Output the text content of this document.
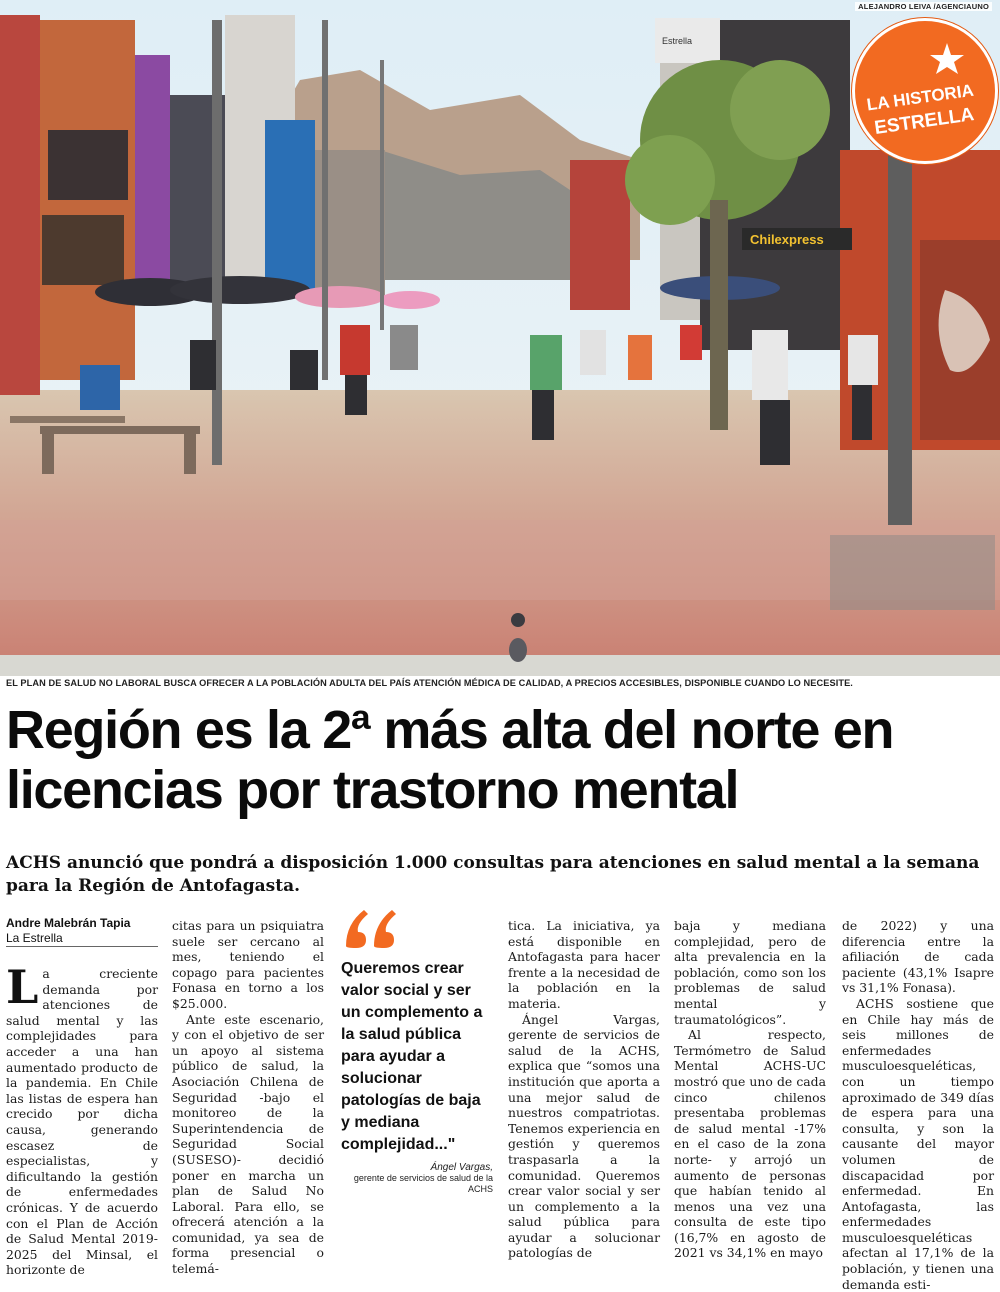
Chilexpress
Estrella
ALEJANDRO LEIVA /AGENCIAUNO
LA HISTORIA
ESTRELLA
EL PLAN DE SALUD NO LABORAL BUSCA OFRECER A LA POBLACIÓN ADULTA DEL PAÍS ATENCIÓN MÉDICA DE CALIDAD, A PRECIOS ACCESIBLES, DISPONIBLE CUANDO LO NECESITE.
Región es la 2ª más alta del norte en licencias por trastorno mental

ACHS anunció que pondrá a disposición 1.000 consultas para atenciones en salud mental a la semana para la Región de Antofagasta.

Andre Malebrán Tapia
La Estrella

La creciente demanda por atenciones de salud mental y las complejidades para acceder a una han aumentado producto de la pandemia. En Chile las listas de espera han crecido por dicha causa, generando escasez de especialistas, y dificultando la gestión de enfermedades crónicas. Y de acuerdo con el Plan de Acción de Salud Mental 2019-2025 del Minsal, el horizonte de

citas para un psiquiatra suele ser cercano al mes, teniendo el copago para pacientes Fonasa en torno a los $25.000.

Ante este escenario, y con el objetivo de ser un apoyo al sistema público de salud, la Asociación Chilena de Seguridad -bajo el monitoreo de la Superintendencia de Seguridad Social (SUSESO)- decidió poner en marcha un plan de Salud No Laboral. Para ello, se ofrecerá atención a la comunidad, ya sea de forma presencial o telemá-

Queremos crear valor social y ser un complemento a la salud pública para ayudar a solucionar patologías de baja y mediana complejidad..."
Ángel Vargas,
gerente de servicios de salud de la ACHS

tica. La iniciativa, ya está disponible en Antofagasta para hacer frente a la necesidad de la población en la materia.

Ángel Vargas, gerente de servicios de salud de la ACHS, explica que “somos una institución que aporta a una mejor salud de nuestros compatriotas. Tenemos experiencia en gestión y queremos traspasarla a la comunidad. Queremos crear valor social y ser un complemento a la salud pública para ayudar a solucionar patologías de

baja y mediana complejidad, pero de alta prevalencia en la población, como son los problemas de salud mental y traumatológicos”.

Al respecto, Termómetro de Salud Mental ACHS-UC mostró que uno de cada cinco chilenos presentaba problemas de salud mental -17% en el caso de la zona norte- y arrojó un aumento de personas que habían tenido al menos una vez una consulta de este tipo (16,7% en agosto de 2021 vs 34,1% en mayo

de 2022) y una diferencia entre la afiliación de cada paciente (43,1% Isapre vs 31,1% Fonasa).

ACHS sostiene que en Chile hay más de seis millones de enfermedades musculoesqueléticas, con un tiempo aproximado de 349 días de espera para una consulta, y son la causante del mayor volumen de discapacidad por enfermedad. En Antofagasta, las enfermedades musculoesqueléticas afectan al 17,1% de la población, y tienen una demanda esti-
